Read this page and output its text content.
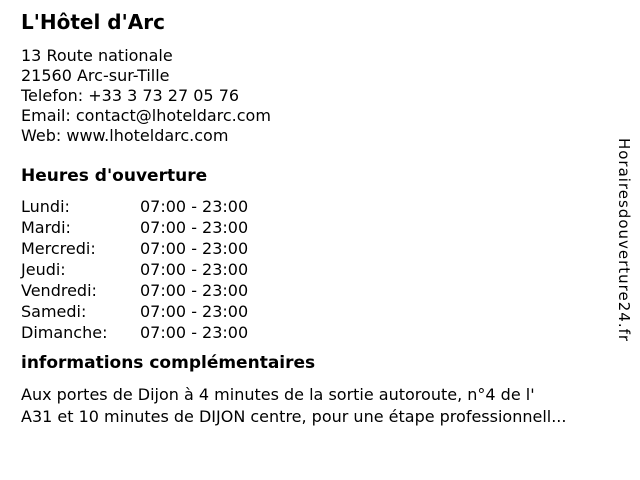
L'Hôtel d'Arc
13 Route nationale
21560 Arc-sur-Tille
Telefon: +33 3 73 27 05 76
Email: contact@lhoteldarc.com
Web: www.lhoteldarc.com
Heures d'ouverture
Lundi:	07:00 - 23:00
Mardi:	07:00 - 23:00
Mercredi:	07:00 - 23:00
Jeudi:	07:00 - 23:00
Vendredi:	07:00 - 23:00
Samedi:	07:00 - 23:00
Dimanche:	07:00 - 23:00
informations complémentaires

Aux portes de Dijon à 4 minutes de la sortie autoroute, n°4 de l'
A31 et 10 minutes de DIJON centre, pour une étape professionnell...

Horairesdouverture24.fr
